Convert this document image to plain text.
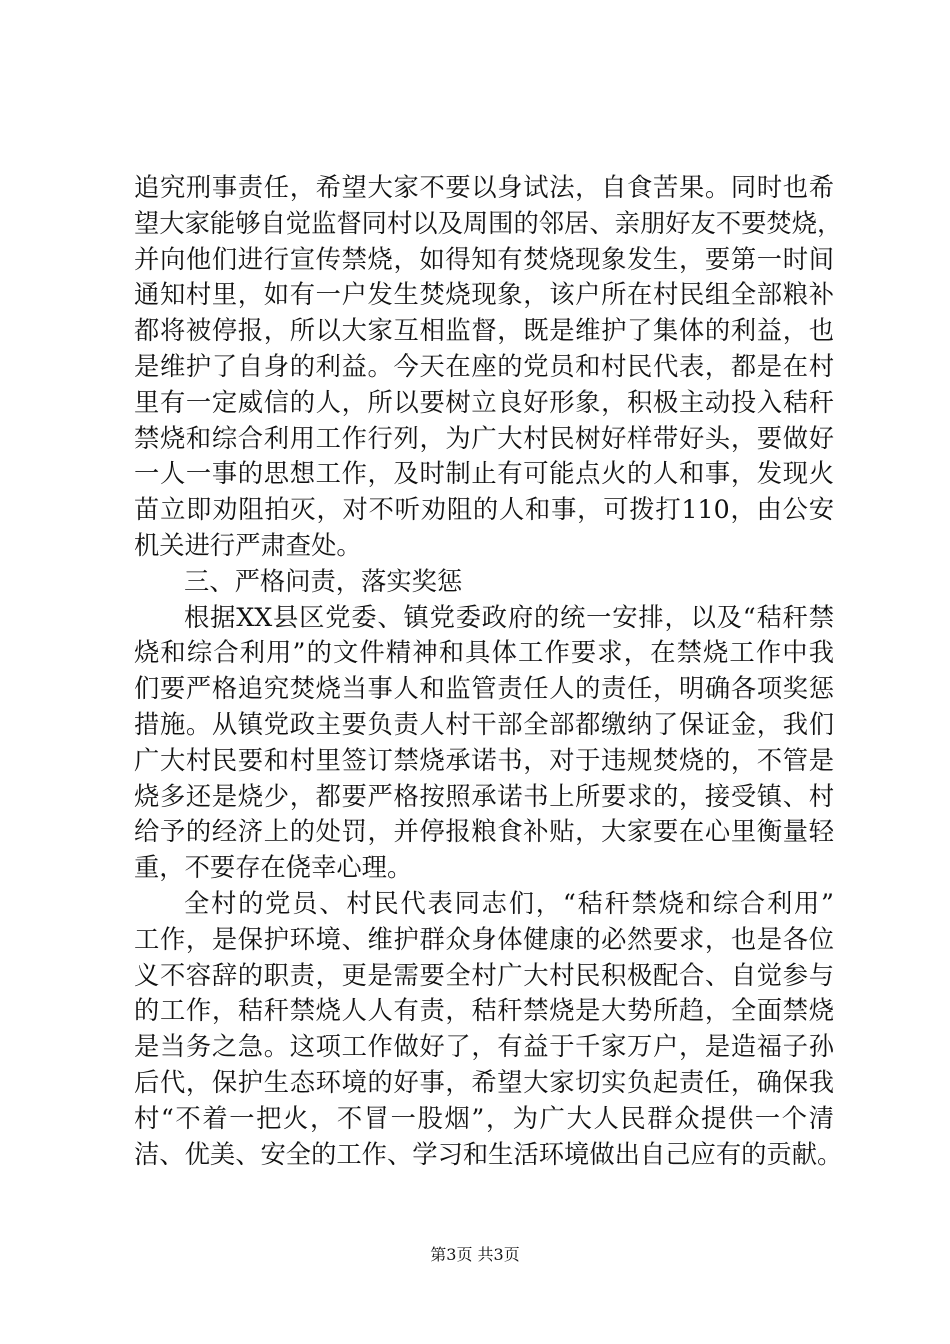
追究刑事责任，希望大家不要以身试法，自食苦果。同时也希
望大家能够自觉监督同村以及周围的邻居、亲朋好友不要焚烧，
并向他们进行宣传禁烧，如得知有焚烧现象发生，要第一时间
通知村里，如有一户发生焚烧现象，该户所在村民组全部粮补
都将被停报，所以大家互相监督，既是维护了集体的利益，也
是维护了自身的利益。今天在座的党员和村民代表，都是在村
里有一定威信的人，所以要树立良好形象，积极主动投入秸秆
禁烧和综合利用工作行列，为广大村民树好样带好头，要做好
一人一事的思想工作，及时制止有可能点火的人和事，发现火
苗立即劝阻拍灭，对不听劝阻的人和事，可拨打110，由公安
机关进行严肃查处。
三、严格问责，落实奖惩
根据XX县区党委、镇党委政府的统一安排，以及“秸秆禁
烧和综合利用”的文件精神和具体工作要求，在禁烧工作中我
们要严格追究焚烧当事人和监管责任人的责任，明确各项奖惩
措施。从镇党政主要负责人村干部全部都缴纳了保证金，我们
广大村民要和村里签订禁烧承诺书，对于违规焚烧的，不管是
烧多还是烧少，都要严格按照承诺书上所要求的，接受镇、村
给予的经济上的处罚，并停报粮食补贴，大家要在心里衡量轻
重，不要存在侥幸心理。
全村的党员、村民代表同志们，“秸秆禁烧和综合利用”
工作，是保护环境、维护群众身体健康的必然要求，也是各位
义不容辞的职责，更是需要全村广大村民积极配合、自觉参与
的工作，秸秆禁烧人人有责，秸秆禁烧是大势所趋，全面禁烧
是当务之急。这项工作做好了，有益于千家万户，是造福子孙
后代，保护生态环境的好事，希望大家切实负起责任，确保我
村“不着一把火，不冒一股烟”，为广大人民群众提供一个清
洁、优美、安全的工作、学习和生活环境做出自己应有的贡献。
第3页 共3页
